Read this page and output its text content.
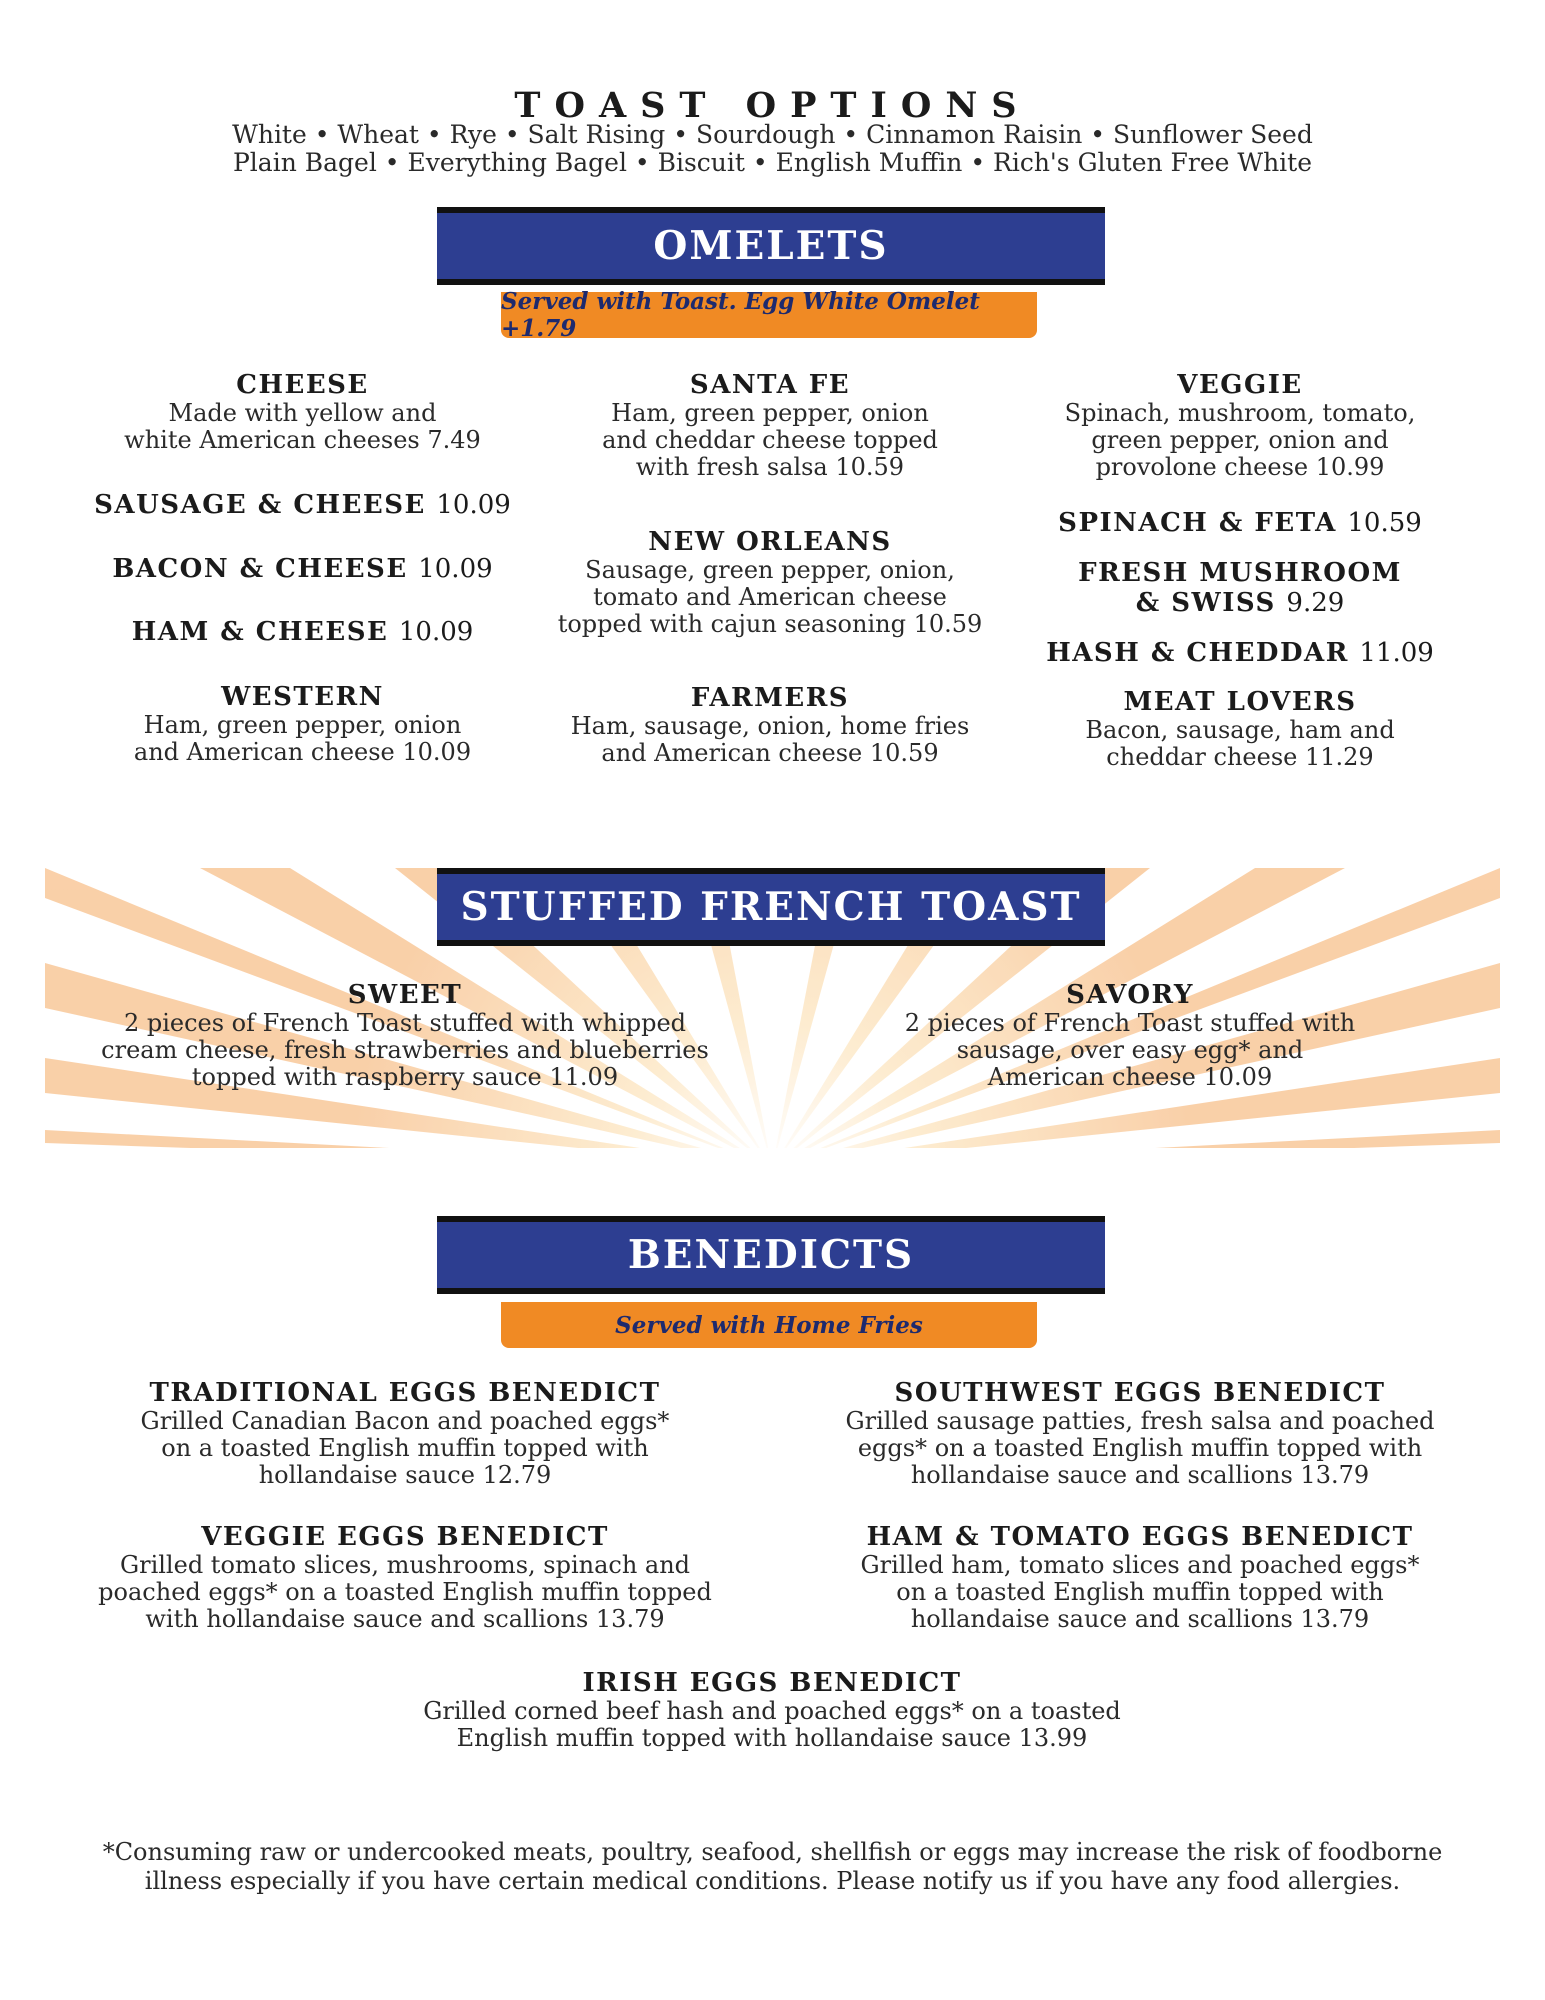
TOAST OPTIONS
White • Wheat • Rye • Salt Rising • Sourdough • Cinnamon Raisin • Sunflower Seed
Plain Bagel • Everything Bagel • Biscuit • English Muffin • Rich's Gluten Free White
OMELETS
Served with Toast. Egg White Omelet +1.79
CHEESE
Made with yellow and
white American cheeses 7.49
SAUSAGE & CHEESE 10.09
BACON & CHEESE 10.09
HAM & CHEESE 10.09
WESTERN
Ham, green pepper, onion
and American cheese 10.09
SANTA FE
Ham, green pepper, onion
and cheddar cheese topped
with fresh salsa 10.59
NEW ORLEANS
Sausage, green pepper, onion,
tomato and American cheese
topped with cajun seasoning 10.59
FARMERS
Ham, sausage, onion, home fries
and American cheese 10.59
VEGGIE
Spinach, mushroom, tomato,
green pepper, onion and
provolone cheese 10.99
SPINACH & FETA 10.59
FRESH MUSHROOM
& SWISS 9.29
HASH & CHEDDAR 11.09
MEAT LOVERS
Bacon, sausage, ham and
cheddar cheese 11.29
STUFFED FRENCH TOAST
SWEET
2 pieces of French Toast stuffed with whipped
cream cheese, fresh strawberries and blueberries
topped with raspberry sauce 11.09
SAVORY
2 pieces of French Toast stuffed with
sausage, over easy egg* and
American cheese 10.09
BENEDICTS
Served with Home Fries
TRADITIONAL EGGS BENEDICT
Grilled Canadian Bacon and poached eggs*
on a toasted English muffin topped with
hollandaise sauce 12.79
SOUTHWEST EGGS BENEDICT
Grilled sausage patties, fresh salsa and poached
eggs* on a toasted English muffin topped with
hollandaise sauce and scallions 13.79
VEGGIE EGGS BENEDICT
Grilled tomato slices, mushrooms, spinach and
poached eggs* on a toasted English muffin topped
with hollandaise sauce and scallions 13.79
HAM & TOMATO EGGS BENEDICT
Grilled ham, tomato slices and poached eggs*
on a toasted English muffin topped with
hollandaise sauce and scallions 13.79
IRISH EGGS BENEDICT
Grilled corned beef hash and poached eggs* on a toasted
English muffin topped with hollandaise sauce 13.99
*Consuming raw or undercooked meats, poultry, seafood, shellfish or eggs may increase the risk of foodborne
illness especially if you have certain medical conditions. Please notify us if you have any food allergies.
